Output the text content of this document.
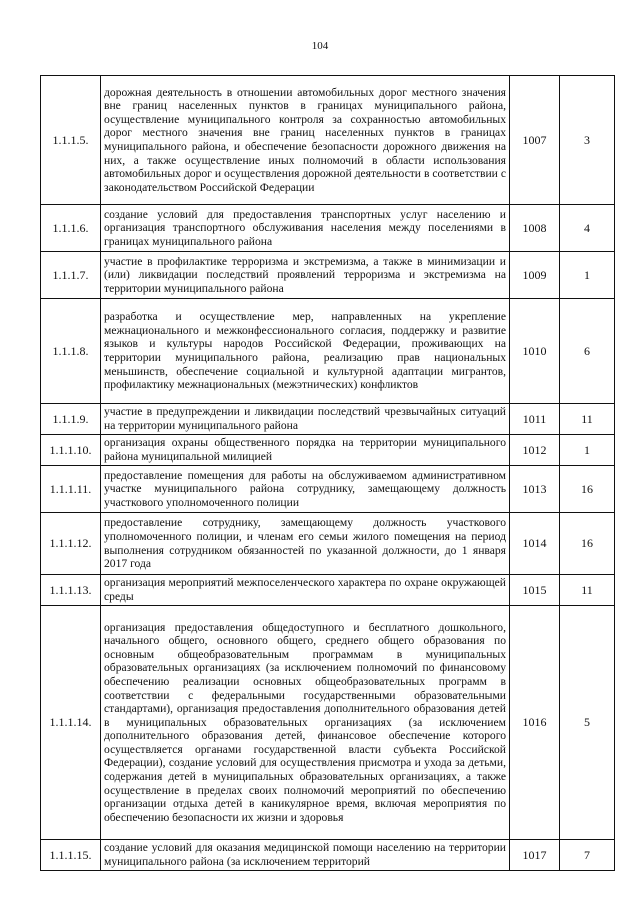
104
1.1.1.5.	дорожная деятельность в отношении автомобильных дорог местного значения вне границ населенных пунктов в границах муниципального района, осуществление муниципального контроля за сохранностью автомобильных дорог местного значения вне границ населенных пунктов в границах муниципального района, и обеспечение безопасности дорожного движения на них, а также осуществление иных полномочий в области использования автомобильных дорог и осуществления дорожной деятельности в соответствии с законодательством Российской Федерации	1007	3
1.1.1.6.	создание условий для предоставления транспортных услуг населению и организация транспортного обслуживания населения между поселениями в границах муниципального района	1008	4
1.1.1.7.	участие в профилактике терроризма и экстремизма, а также в минимизации и (или) ликвидации последствий проявлений терроризма и экстремизма на территории муниципального района	1009	1
1.1.1.8.	разработка и осуществление мер, направленных на укрепление межнационального и межконфессионального согласия, поддержку и развитие языков и культуры народов Российской Федерации, проживающих на территории муниципального района, реализацию прав национальных меньшинств, обеспечение социальной и культурной адаптации мигрантов, профилактику межнациональных (межэтнических) конфликтов	1010	6
1.1.1.9.	участие в предупреждении и ликвидации последствий чрезвычайных ситуаций на территории муниципального района	1011	11
1.1.1.10.	организация охраны общественного порядка на территории муниципального района муниципальной милицией	1012	1
1.1.1.11.	предоставление помещения для работы на обслуживаемом административном участке муниципального района сотруднику, замещающему должность участкового уполномоченного полиции	1013	16
1.1.1.12.	предоставление сотруднику, замещающему должность участкового уполномоченного полиции, и членам его семьи жилого помещения на период выполнения сотрудником обязанностей по указанной должности, до 1 января 2017 года	1014	16
1.1.1.13.	организация мероприятий межпоселенческого характера по охране окружающей среды	1015	11
1.1.1.14.	организация предоставления общедоступного и бесплатного дошкольного, начального общего, основного общего, среднего общего образования по основным общеобразовательным программам в муниципальных образовательных организациях (за исключением полномочий по финансовому обеспечению реализации основных общеобразовательных программ в соответствии с федеральными государственными образовательными стандартами), организация предоставления дополнительного образования детей в муниципальных образовательных организациях (за исключением дополнительного образования детей, финансовое обеспечение которого осуществляется органами государственной власти субъекта Российской Федерации), создание условий для осуществления присмотра и ухода за детьми, содержания детей в муниципальных образовательных организациях, а также осуществление в пределах своих полномочий мероприятий по обеспечению организации отдыха детей в каникулярное время, включая мероприятия по обеспечению безопасности их жизни и здоровья	1016	5
1.1.1.15.	создание условий для оказания медицинской помощи населению на территории муниципального района (за исключением территорий	1017	7
